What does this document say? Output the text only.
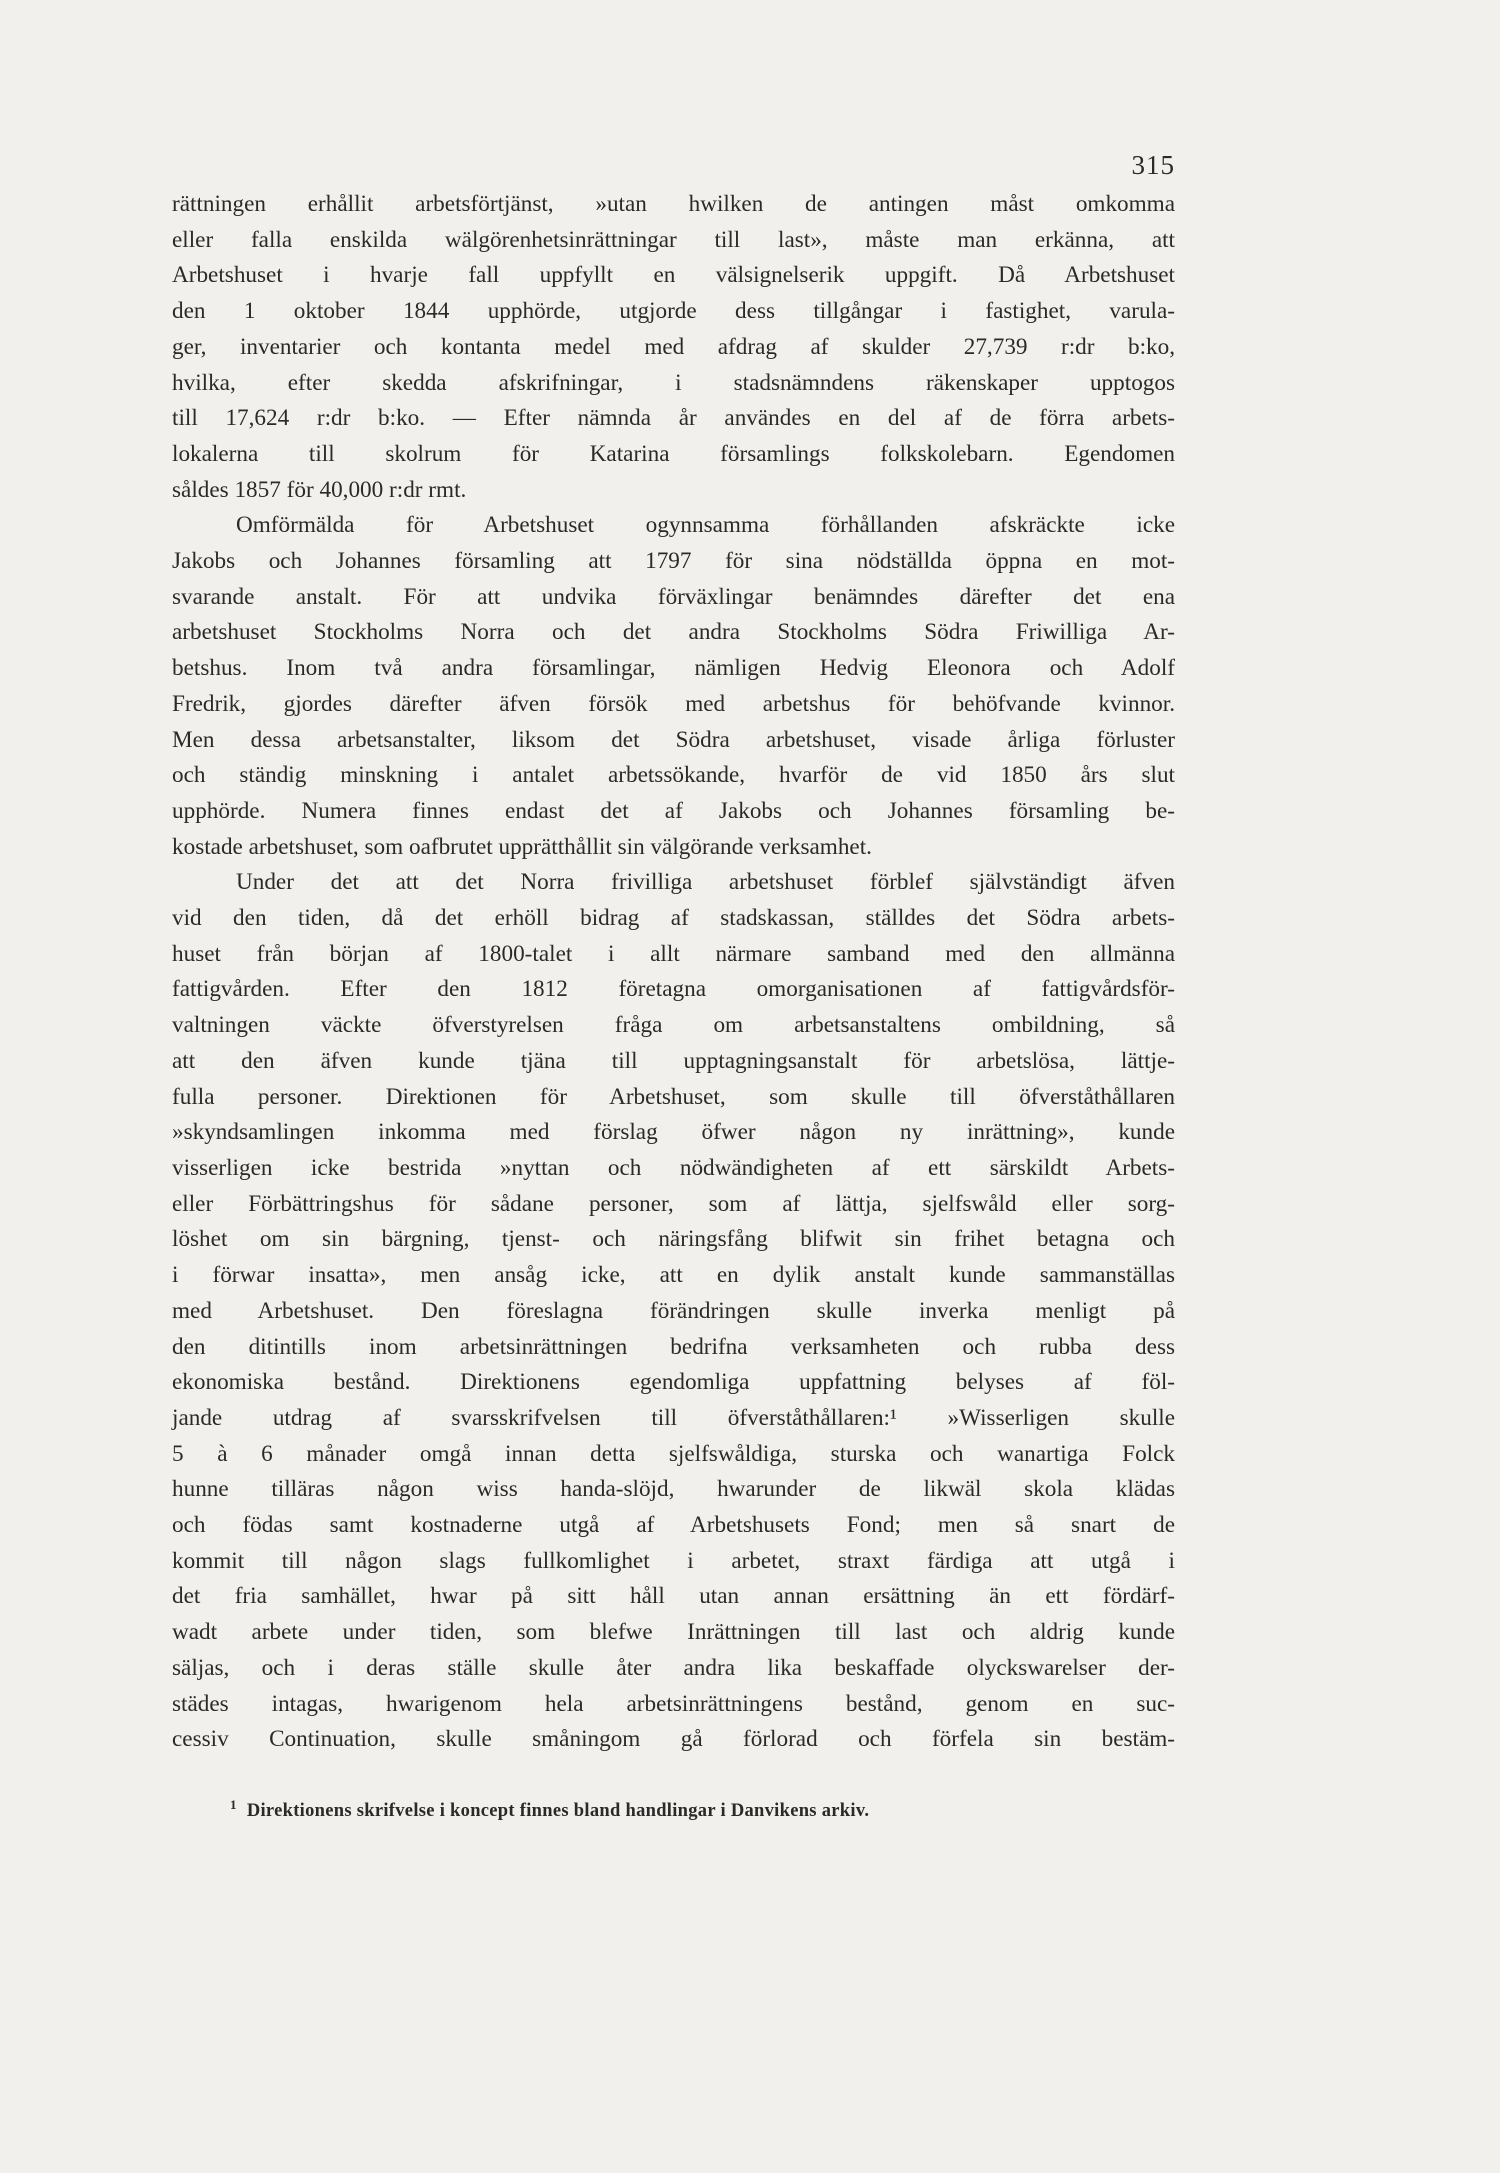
315
rättningen erhållit arbetsförtjänst, »utan hwilken de antingen måst omkomma
eller falla enskilda wälgörenhetsinrättningar till last», måste man erkänna, att
Arbetshuset i hvarje fall uppfyllt en välsignelserik uppgift. Då Arbetshuset
den 1 oktober 1844 upphörde, utgjorde dess tillgångar i fastighet, varula-
ger, inventarier och kontanta medel med afdrag af skulder 27,739 r:dr b:ko,
hvilka, efter skedda afskrifningar, i stadsnämndens räkenskaper upptogos
till 17,624 r:dr b:ko. — Efter nämnda år användes en del af de förra arbets-
lokalerna till skolrum för Katarina församlings folkskolebarn. Egendomen
såldes 1857 för 40,000 r:dr rmt.
Omförmälda för Arbetshuset ogynnsamma förhållanden afskräckte icke
Jakobs och Johannes församling att 1797 för sina nödställda öppna en mot-
svarande anstalt. För att undvika förväxlingar benämndes därefter det ena
arbetshuset Stockholms Norra och det andra Stockholms Södra Friwilliga Ar-
betshus. Inom två andra församlingar, nämligen Hedvig Eleonora och Adolf
Fredrik, gjordes därefter äfven försök med arbetshus för behöfvande kvinnor.
Men dessa arbetsanstalter, liksom det Södra arbetshuset, visade årliga förluster
och ständig minskning i antalet arbetssökande, hvarför de vid 1850 års slut
upphörde. Numera finnes endast det af Jakobs och Johannes församling be-
kostade arbetshuset, som oafbrutet upprätthållit sin välgörande verksamhet.
Under det att det Norra frivilliga arbetshuset förblef självständigt äfven
vid den tiden, då det erhöll bidrag af stadskassan, ställdes det Södra arbets-
huset från början af 1800-talet i allt närmare samband med den allmänna
fattigvården. Efter den 1812 företagna omorganisationen af fattigvårdsför-
valtningen väckte öfverstyrelsen fråga om arbetsanstaltens ombildning, så
att den äfven kunde tjäna till upptagningsanstalt för arbetslösa, lättje-
fulla personer. Direktionen för Arbetshuset, som skulle till öfverståthållaren
»skyndsamlingen inkomma med förslag öfwer någon ny inrättning», kunde
visserligen icke bestrida »nyttan och nödwändigheten af ett särskildt Arbets-
eller Förbättringshus för sådane personer, som af lättja, sjelfswåld eller sorg-
löshet om sin bärgning, tjenst- och näringsfång blifwit sin frihet betagna och
i förwar insatta», men ansåg icke, att en dylik anstalt kunde sammanställas
med Arbetshuset. Den föreslagna förändringen skulle inverka menligt på
den ditintills inom arbetsinrättningen bedrifna verksamheten och rubba dess
ekonomiska bestånd. Direktionens egendomliga uppfattning belyses af föl-
jande utdrag af svarsskrifvelsen till öfverståthållaren:¹ »Wisserligen skulle
5 à 6 månader omgå innan detta sjelfswåldiga, sturska och wanartiga Folck
hunne tilläras någon wiss handa-slöjd, hwarunder de likwäl skola klädas
och födas samt kostnaderne utgå af Arbetshusets Fond; men så snart de
kommit till någon slags fullkomlighet i arbetet, straxt färdiga att utgå i
det fria samhället, hwar på sitt håll utan annan ersättning än ett fördärf-
wadt arbete under tiden, som blefwe Inrättningen till last och aldrig kunde
säljas, och i deras ställe skulle åter andra lika beskaffade olyckswarelser der-
städes intagas, hwarigenom hela arbetsinrättningens bestånd, genom en suc-
cessiv Continuation, skulle småningom gå förlorad och förfela sin bestäm-
$^1$ Direktionens skrifvelse i koncept finnes bland handlingar i Danvikens arkiv.
